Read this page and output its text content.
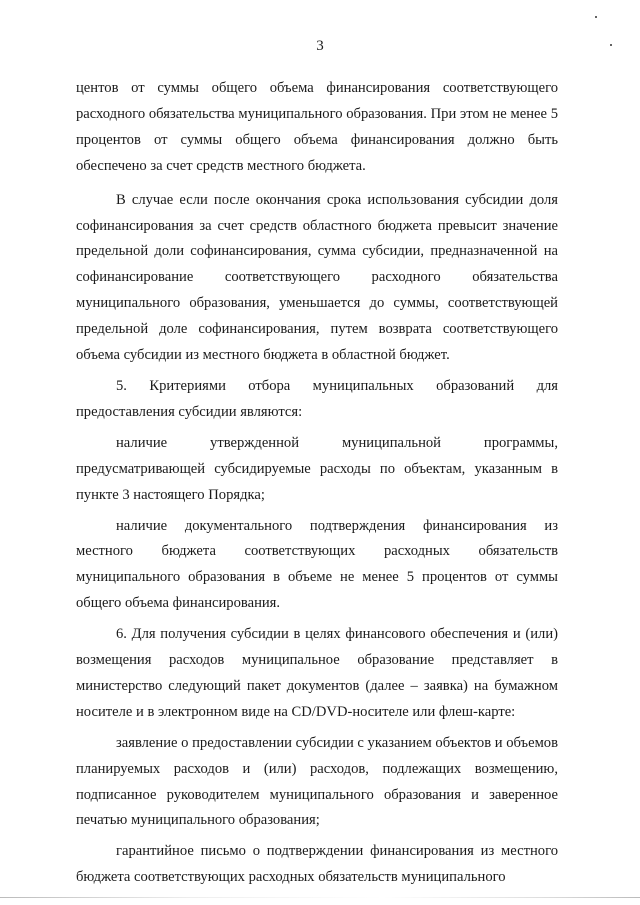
3

центов от суммы общего объема финансирования соответствующего расходного обязательства муниципального образования. При этом не менее 5 процентов от суммы общего объема финансирования должно быть обеспечено за счет средств местного бюджета.

В случае если после окончания срока использования субсидии доля софинансирования за счет средств областного бюджета превысит значение предельной доли софинансирования, сумма субсидии, предназначенной на софинансирование соответствующего расходного обязательства муниципального образования, уменьшается до суммы, соответствующей предельной доле софинансирования, путем возврата соответствующего объема субсидии из местного бюджета в областной бюджет.

5. Критериями отбора муниципальных образований для предоставления субсидии являются:

наличие утвержденной муниципальной программы, предусматривающей субсидируемые расходы по объектам, указанным в пункте 3 настоящего Порядка;

наличие документального подтверждения финансирования из местного бюджета соответствующих расходных обязательств муниципального образования в объеме не менее 5 процентов от суммы общего объема финансирования.

6. Для получения субсидии в целях финансового обеспечения и (или) возмещения расходов муниципальное образование представляет в министерство следующий пакет документов (далее – заявка) на бумажном носителе и в электронном виде на CD/DVD-носителе или флеш-карте:

заявление о предоставлении субсидии с указанием объектов и объемов планируемых расходов и (или) расходов, подлежащих возмещению, подписанное руководителем муниципального образования и заверенное печатью муниципального образования;

гарантийное письмо о подтверждении финансирования из местного бюджета соответствующих расходных обязательств муниципального
